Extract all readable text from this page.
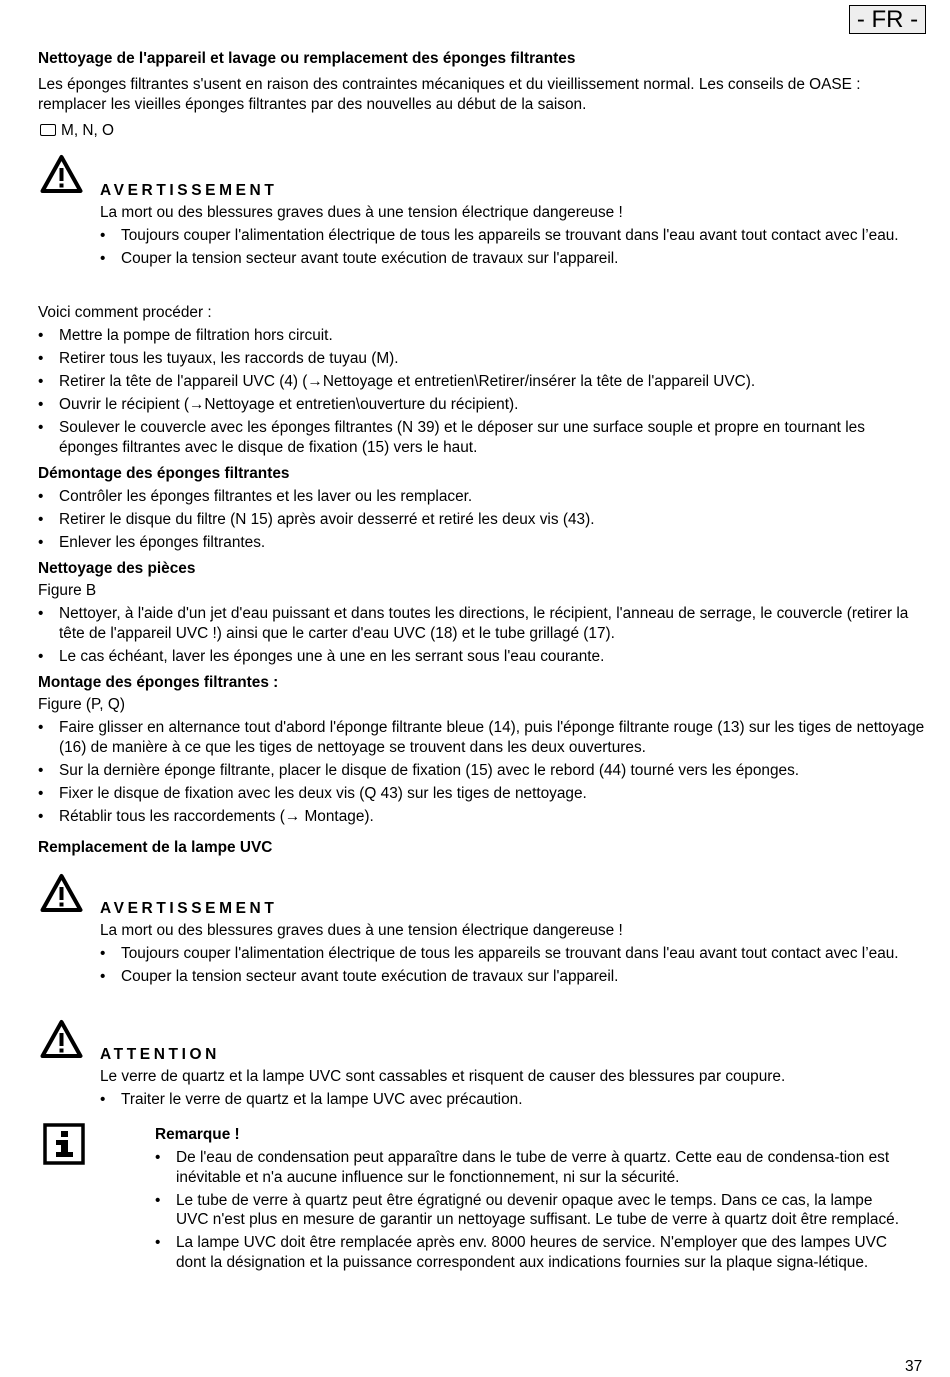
- FR -
Nettoyage de l'appareil et lavage ou remplacement des éponges filtrantes
Les éponges filtrantes s'usent en raison des contraintes mécaniques et du vieillissement normal. Les conseils de OASE : remplacer les vieilles éponges filtrantes par des nouvelles au début de la saison.
M, N, O
AVERTISSEMENT
La mort ou des blessures graves dues à une tension électrique dangereuse !
• Toujours couper l'alimentation électrique de tous les appareils se trouvant dans l'eau avant tout contact avec l’eau.
• Couper la tension secteur avant toute exécution de travaux sur l'appareil.
Voici comment procéder :
• Mettre la pompe de filtration hors circuit.
• Retirer tous les tuyaux, les raccords de tuyau (M).
• Retirer la tête de l'appareil UVC (4) (→Nettoyage et entretien\Retirer/insérer la tête de l'appareil UVC).
• Ouvrir le récipient (→Nettoyage et entretien\ouverture du récipient).
• Soulever le couvercle avec les éponges filtrantes (N 39) et le déposer sur une surface souple et propre en tournant les éponges filtrantes avec le disque de fixation (15) vers le haut.
Démontage des éponges filtrantes
• Contrôler les éponges filtrantes et les laver ou les remplacer.
• Retirer le disque du filtre (N 15) après avoir desserré et retiré les deux vis (43).
• Enlever les éponges filtrantes.
Nettoyage des pièces
Figure B
• Nettoyer, à l'aide d'un jet d'eau puissant et dans toutes les directions, le récipient, l'anneau de serrage, le couvercle (retirer la tête de l'appareil UVC !) ainsi que le carter d'eau UVC (18) et le tube grillagé (17).
• Le cas échéant, laver les éponges une à une en les serrant sous l'eau courante.
Montage des éponges filtrantes :
Figure (P, Q)
• Faire glisser en alternance tout d'abord l'éponge filtrante bleue (14), puis l'éponge filtrante rouge (13) sur les tiges de nettoyage (16) de manière à ce que les tiges de nettoyage se trouvent dans les deux ouvertures.
• Sur la dernière éponge filtrante, placer le disque de fixation (15) avec le rebord (44) tourné vers les éponges.
• Fixer le disque de fixation avec les deux vis (Q 43) sur les tiges de nettoyage.
• Rétablir tous les raccordements (→ Montage).
Remplacement de la lampe UVC
AVERTISSEMENT
La mort ou des blessures graves dues à une tension électrique dangereuse !
• Toujours couper l'alimentation électrique de tous les appareils se trouvant dans l'eau avant tout contact avec l’eau.
• Couper la tension secteur avant toute exécution de travaux sur l'appareil.
ATTENTION
Le verre de quartz et la lampe UVC sont cassables et risquent de causer des blessures par coupure.
• Traiter le verre de quartz et la lampe UVC avec précaution.
Remarque !
• De l'eau de condensation peut apparaître dans le tube de verre à quartz. Cette eau de condensa-tion est inévitable et n'a aucune influence sur le fonctionnement, ni sur la sécurité.
• Le tube de verre à quartz peut être égratigné ou devenir opaque avec le temps. Dans ce cas, la lampe UVC n'est plus en mesure de garantir un nettoyage suffisant. Le tube de verre à quartz doit être remplacé.
• La lampe UVC doit être remplacée après env. 8000 heures de service. N'employer que des lampes UVC dont la désignation et la puissance correspondent aux indications fournies sur la plaque signa-létique.
37
